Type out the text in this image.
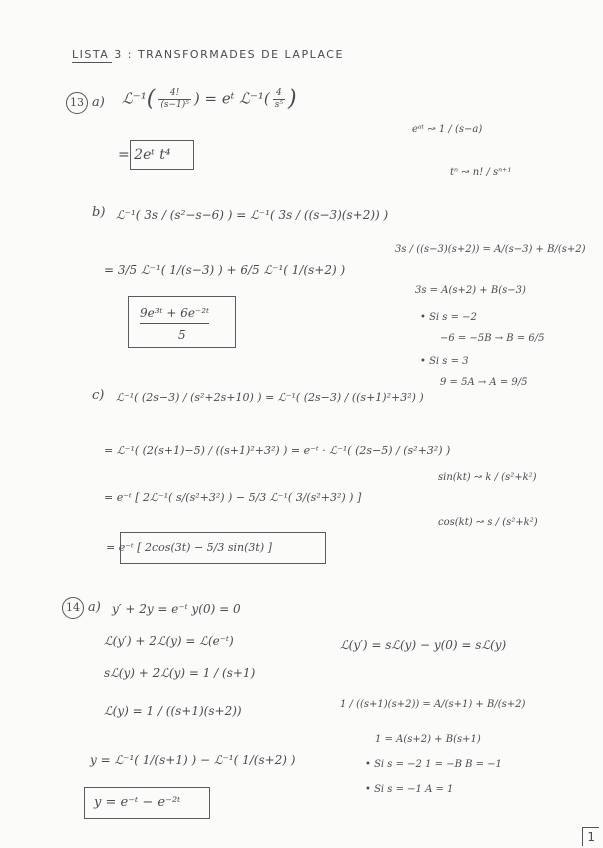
LISTA 3 : TRANSFORMADES DE LAPLACE
13 a) ℒ⁻¹( $\frac{4!}{\text{(s−1)⁵}}$ ) = eᵗ ℒ⁻¹( $\frac{4}{\text{s⁵}}$ )
= 2eᵗ t⁴
eᵃᵗ ↝ 1 / (s−a)
tⁿ ↝ n! / sⁿ⁺¹
b) ℒ⁻¹( 3s / (s²−s−6) ) = ℒ⁻¹( 3s / ((s−3)(s+2)) )
= 3/5 ℒ⁻¹( 1/(s−3) ) + 6/5 ℒ⁻¹( 1/(s+2) )
9e³ᵗ + 6e⁻²ᵗ
5
3s / ((s−3)(s+2)) = A/(s−3) + B/(s+2)
3s = A(s+2) + B(s−3)
• Si s = −2
−6 = −5B → B = 6/5
• Si s = 3
9 = 5A → A = 9/5
c) ℒ⁻¹( (2s−3) / (s²+2s+10) ) = ℒ⁻¹( (2s−3) / ((s+1)²+3²) )
= ℒ⁻¹( (2(s+1)−5) / ((s+1)²+3²) ) = e⁻ᵗ · ℒ⁻¹( (2s−5) / (s²+3²) )
= e⁻ᵗ [ 2ℒ⁻¹( s/(s²+3²) ) − 5/3 ℒ⁻¹( 3/(s²+3²) ) ]
= e⁻ᵗ [ 2cos(3t) − 5/3 sin(3t) ]
sin(kt) ↝ k / (s²+k²)
cos(kt) ↝ s / (s²+k²)
14 a) y′ + 2y = e⁻ᵗ y(0) = 0
ℒ(y′) + 2ℒ(y) = ℒ(e⁻ᵗ)
sℒ(y) + 2ℒ(y) = 1 / (s+1)
ℒ(y) = 1 / ((s+1)(s+2))
y = ℒ⁻¹( 1/(s+1) ) − ℒ⁻¹( 1/(s+2) )
y = e⁻ᵗ − e⁻²ᵗ
ℒ(y′) = sℒ(y) − y(0) = sℒ(y)
1 / ((s+1)(s+2)) = A/(s+1) + B/(s+2)
1 = A(s+2) + B(s+1)
• Si s = −2 1 = −B B = −1
• Si s = −1 A = 1
1
